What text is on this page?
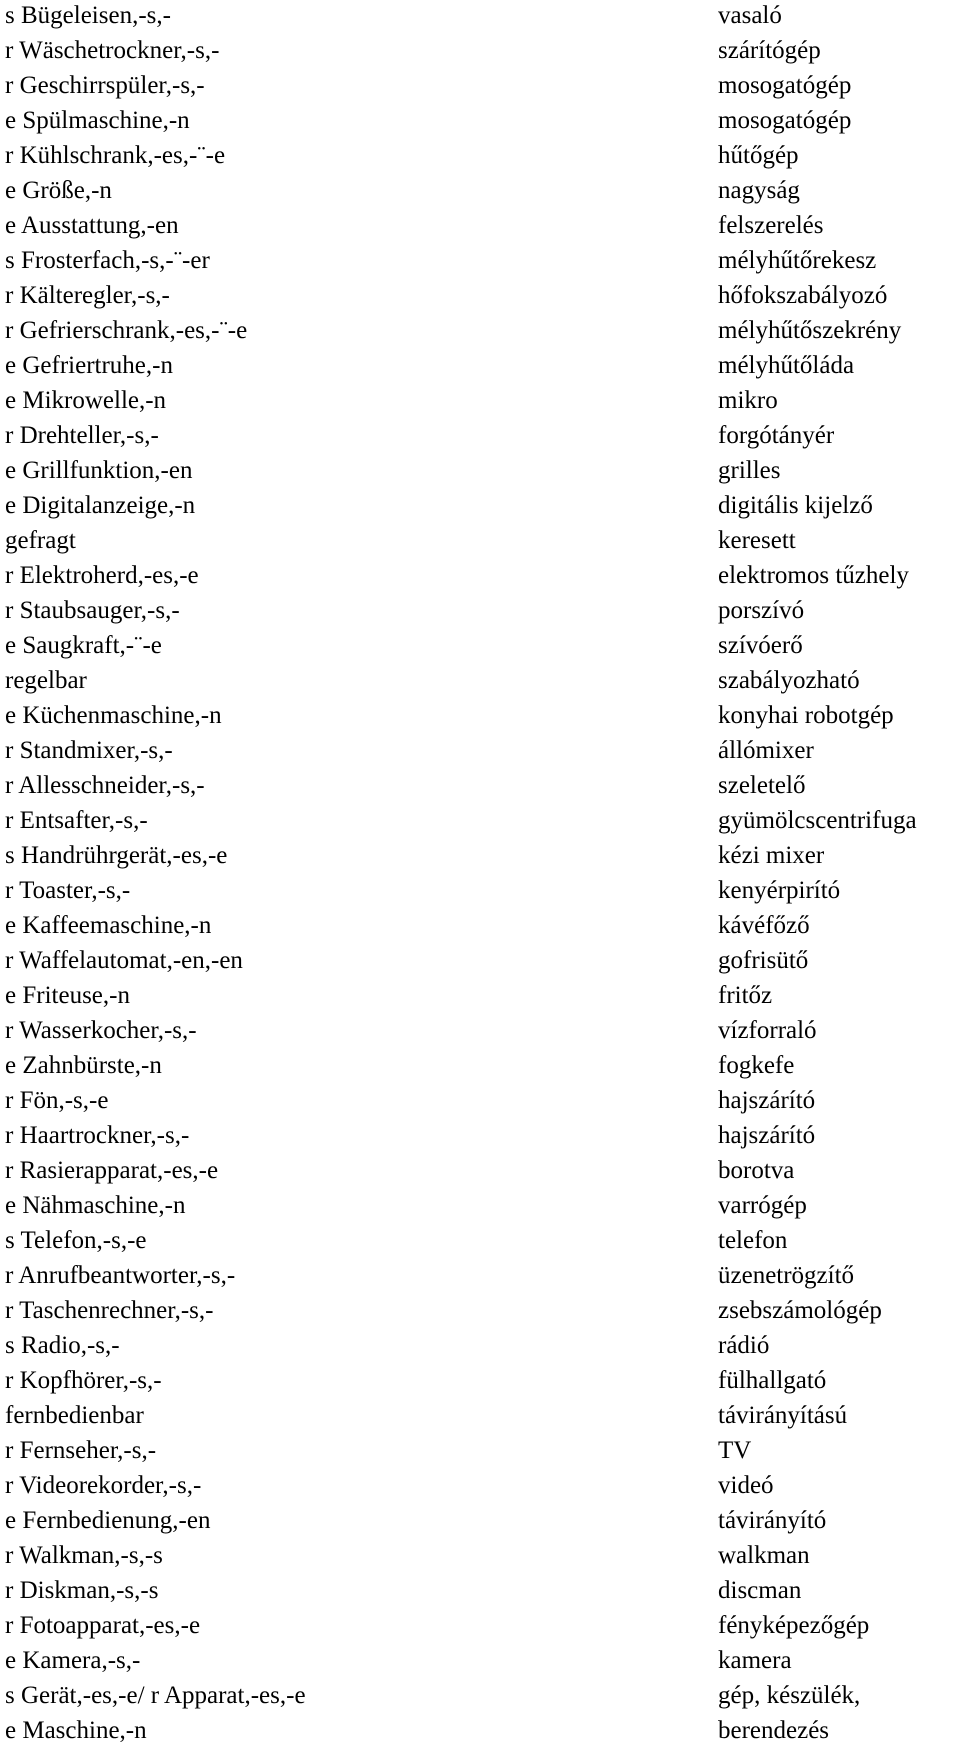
s Bügeleisen,-s,-	vasaló
r Wäschetrockner,-s,-	szárítógép
r Geschirrspüler,-s,-	mosogatógép
e Spülmaschine,-n	mosogatógép
r Kühlschrank,-es,-¨-e	hűtőgép
e Größe,-n	nagyság
e Ausstattung,-en	felszerelés
s Frosterfach,-s,-¨-er	mélyhűtőrekesz
r Kälteregler,-s,-	hőfokszabályozó
r Gefrierschrank,-es,-¨-e	mélyhűtőszekrény
e Gefriertruhe,-n	mélyhűtőláda
e Mikrowelle,-n	mikro
r Drehteller,-s,-	forgótányér
e Grillfunktion,-en	grilles
e Digitalanzeige,-n	digitális kijelző
gefragt	keresett
r Elektroherd,-es,-e	elektromos tűzhely
r Staubsauger,-s,-	porszívó
e Saugkraft,-¨-e	szívóerő
regelbar	szabályozható
e Küchenmaschine,-n	konyhai robotgép
r Standmixer,-s,-	állómixer
r Allesschneider,-s,-	szeletelő
r Entsafter,-s,-	gyümölcscentrifuga
s Handrührgerät,-es,-e	kézi mixer
r Toaster,-s,-	kenyérpirító
e Kaffeemaschine,-n	kávéfőző
r Waffelautomat,-en,-en	gofrisütő
e Friteuse,-n	fritőz
r Wasserkocher,-s,-	vízforraló
e Zahnbürste,-n	fogkefe
r Fön,-s,-e	hajszárító
r Haartrockner,-s,-	hajszárító
r Rasierapparat,-es,-e	borotva
e Nähmaschine,-n	varrógép
s Telefon,-s,-e	telefon
r Anrufbeantworter,-s,-	üzenetrögzítő
r Taschenrechner,-s,-	zsebszámológép
s Radio,-s,-	rádió
r Kopfhörer,-s,-	fülhallgató
fernbedienbar	távirányítású
r Fernseher,-s,-	TV
r Videorekorder,-s,-	videó
e Fernbedienung,-en	távirányító
r Walkman,-s,-s	walkman
r Diskman,-s,-s	discman
r Fotoapparat,-es,-e	fényképezőgép
e Kamera,-s,-	kamera
s Gerät,-es,-e/ r Apparat,-es,-e	gép, készülék,
e Maschine,-n	berendezés
